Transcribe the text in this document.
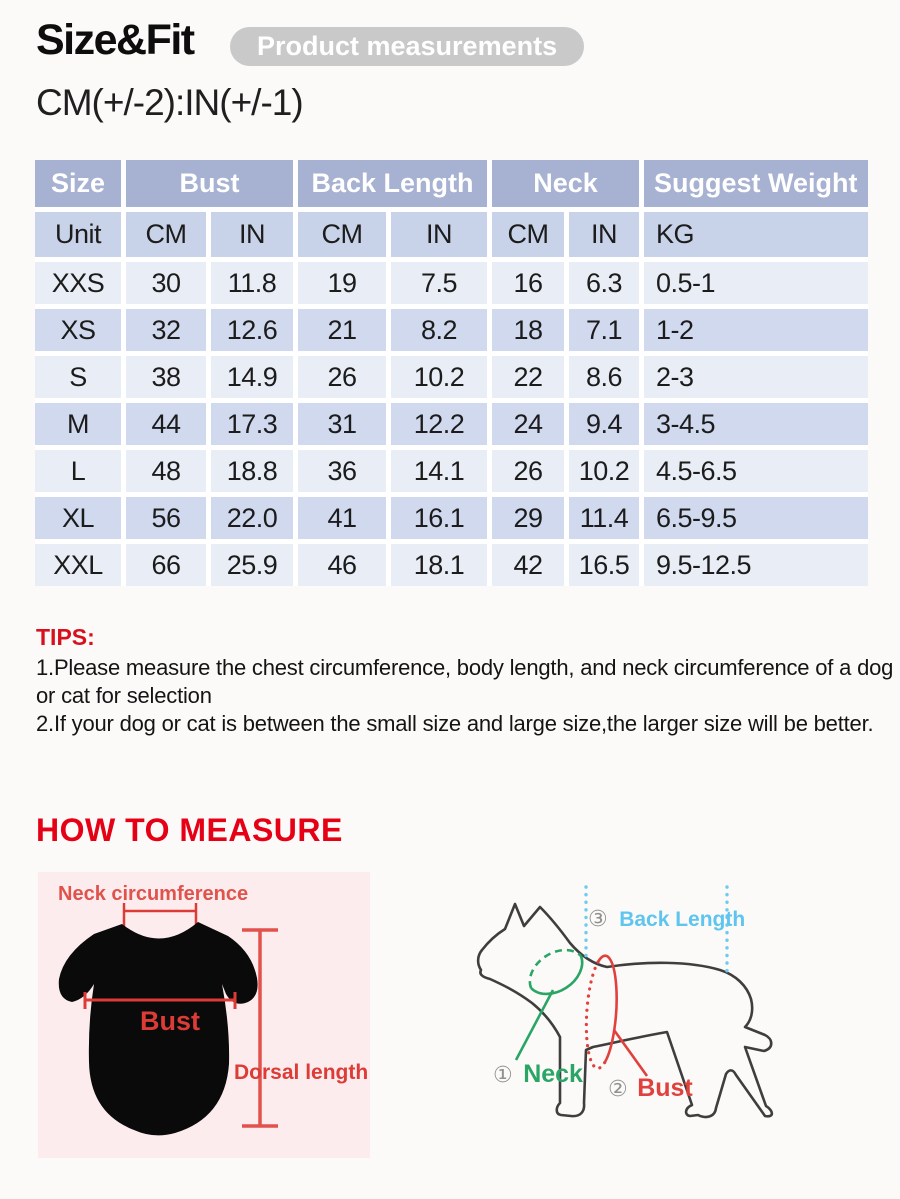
Size&Fit	Product measurements
CM(+/-2):IN(+/-1)
Size	Bust	Back Length	Neck	Suggest Weight
Unit	CM	IN	CM	IN	CM	IN	KG
XXS	30	11.8	19	7.5	16	6.3	0.5-1
XS	32	12.6	21	8.2	18	7.1	1-2
S	38	14.9	26	10.2	22	8.6	2-3
M	44	17.3	31	12.2	24	9.4	3-4.5
L	48	18.8	36	14.1	26	10.2 4.5-6.5
XL	56	22.0	41	16.1	29	11.4	6.5-9.5
XXL	66	25.9	46	18.1	42	16.5 9.5-12.5
TIPS:

1.Please measure the chest circumference, body length, and neck circumference of a dog or cat for selection

2.If your dog or cat is between the small size and large size,the larger size will be better.

HOW TO MEASURE
Neck circumference
Bust
Dorsal length
③ Back Length
① Neck
② Bust
